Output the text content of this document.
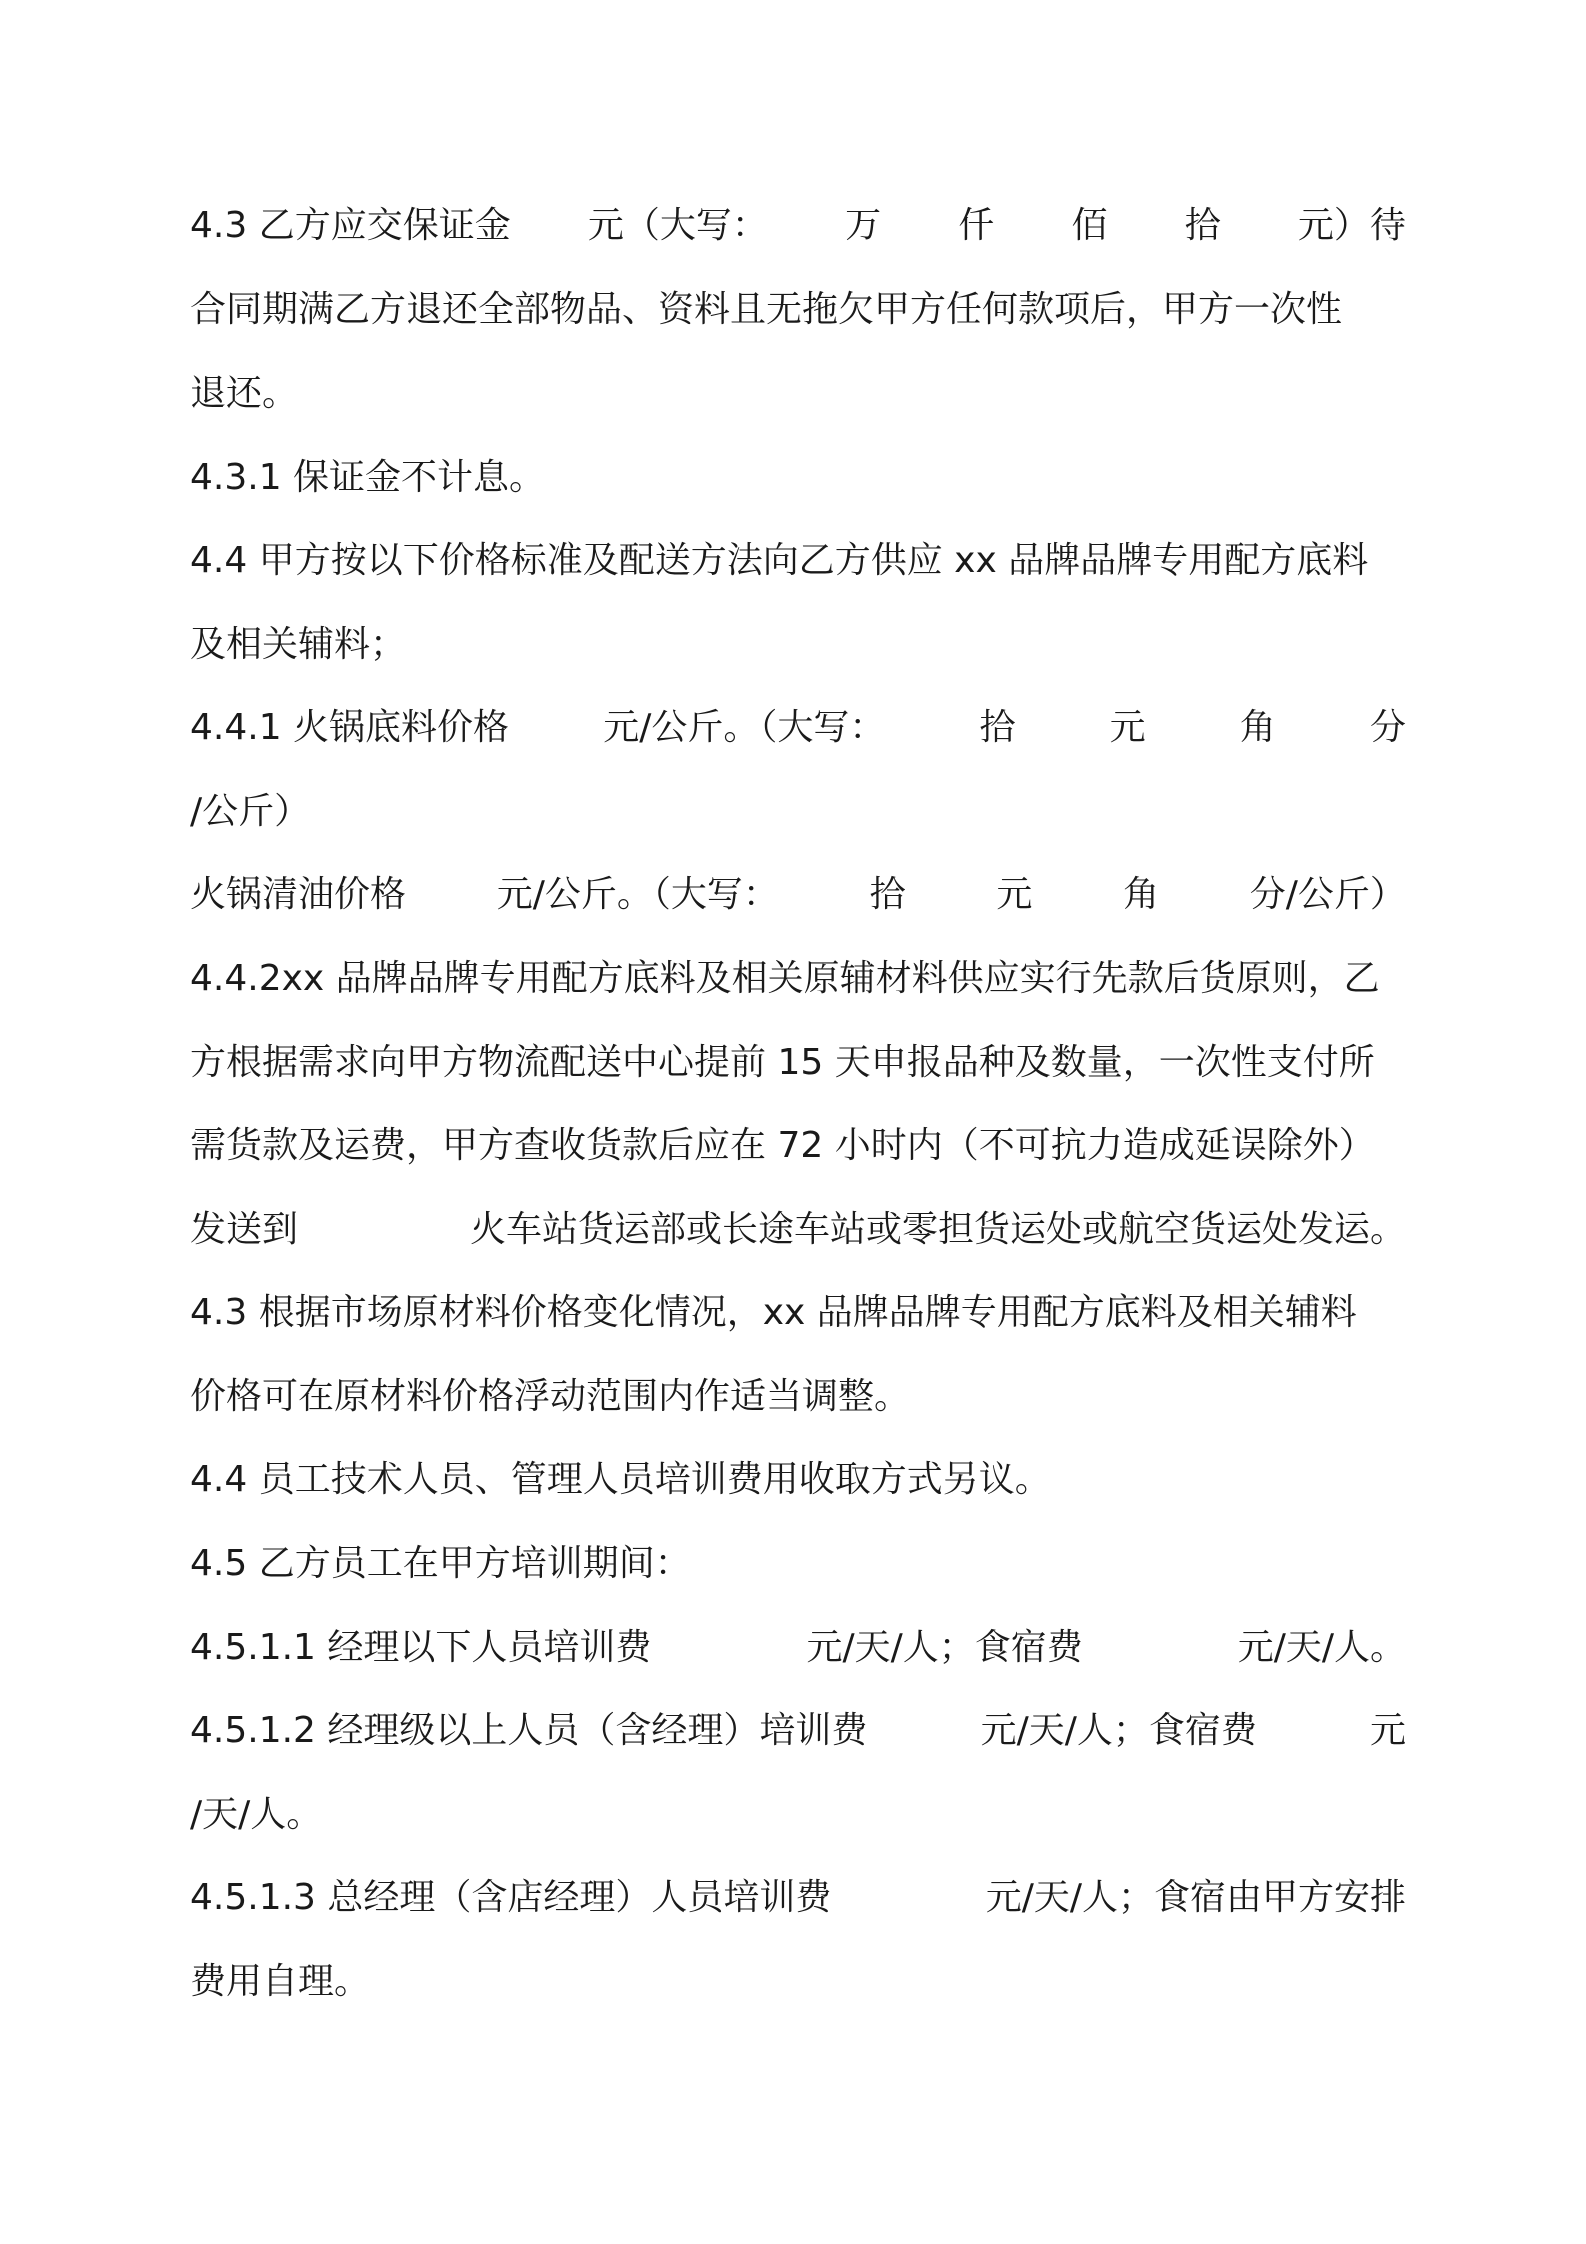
4.3 乙方应交保证金 元（大写： 万 仟 佰 拾 元）待
合同期满乙方退还全部物品、资料且无拖欠甲方任何款项后，甲方一次性
退还。
4.3.1 保证金不计息。
4.4 甲方按以下价格标准及配送方法向乙方供应 xx 品牌品牌专用配方底料
及相关辅料；
4.4.1 火锅底料价格	元/公斤。（大写：	拾	元	角	分
/公斤）
火锅清油价格	元/公斤。（大写：	拾	元	角	分/公斤）
4.4.2xx 品牌品牌专用配方底料及相关原辅材料供应实行先款后货原则，乙
方根据需求向甲方物流配送中心提前 15 天申报品种及数量，一次性支付所
需货款及运费，甲方查收货款后应在 72 小时内（不可抗力造成延误除外）
发送到	火车站货运部或长途车站或零担货运处或航空货运处发运。
4.3 根据市场原材料价格变化情况，xx 品牌品牌专用配方底料及相关辅料
价格可在原材料价格浮动范围内作适当调整。
4.4 员工技术人员、管理人员培训费用收取方式另议。
4.5 乙方员工在甲方培训期间：
4.5.1.1 经理以下人员培训费	元/天/人；食宿费	元/天/人。
4.5.1.2 经理级以上人员（含经理）培训费	元/天/人；食宿费	元
/天/人。
4.5.1.3 总经理（含店经理）人员培训费	元/天/人；食宿由甲方安排
费用自理。
